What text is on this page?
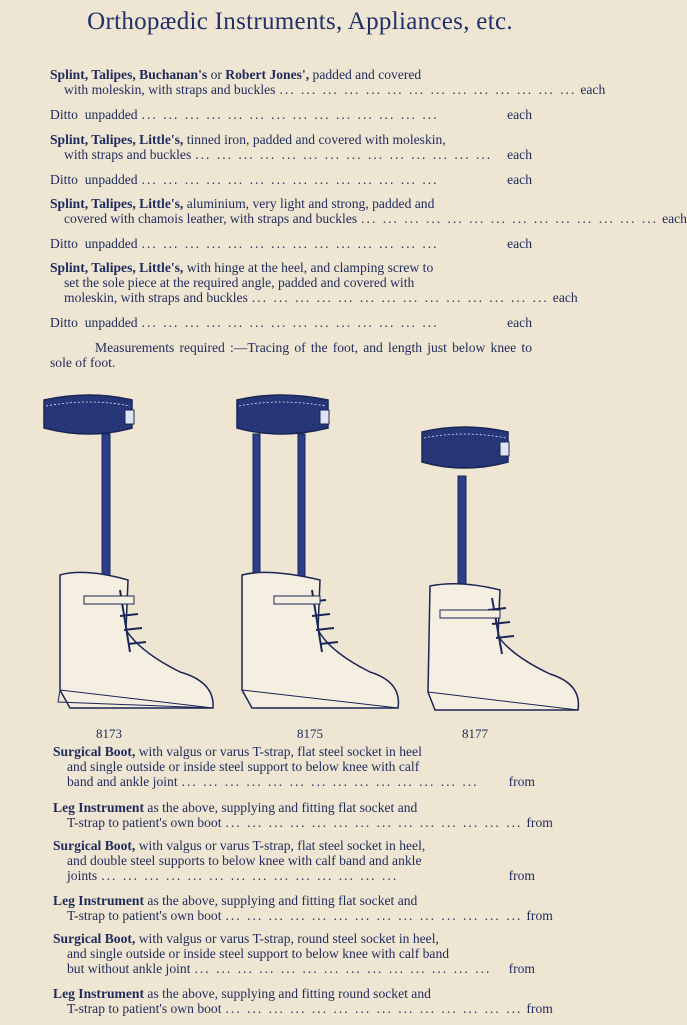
Orthopædic Instruments, Appliances, etc.
Splint, Talipes, Buchanan's or Robert Jones', padded and covered
with moleskin, with straps and buckles ... ... ... ... ... ... ... ... ... ... ... ... ... ... each
Ditto
unpadded ... ... ... ... ... ... ... ... ... ... ... ... ... ...	each
Splint, Talipes, Little's, tinned iron, padded and covered with moleskin,
with straps and buckles ... ... ... ... ... ... ... ... ... ... ... ... ... ...	each
Ditto
unpadded ... ... ... ... ... ... ... ... ... ... ... ... ... ...	each
Splint, Talipes, Little's, aluminium, very light and strong, padded and
covered with chamois leather, with straps and buckles ... ... ... ... ... ... ... ... ... ... ... ... ... ... each
Ditto
unpadded ... ... ... ... ... ... ... ... ... ... ... ... ... ...	each
Splint, Talipes, Little's, with hinge at the heel, and clamping screw to
set the sole piece at the required angle, padded and covered with
moleskin, with straps and buckles ... ... ... ... ... ... ... ... ... ... ... ... ... ... each
Ditto
unpadded ... ... ... ... ... ... ... ... ... ... ... ... ... ...	each
Measurements required :—Tracing of the foot, and length just below knee to sole of foot.
8173	8175	8177
Surgical Boot, with valgus or varus T-strap, flat steel socket in heel
and single outside or inside steel support to below knee with calf
band and ankle joint ... ... ... ... ... ... ... ... ... ... ... ... ... ...	from
Leg Instrument as the above, supplying and fitting flat socket and
T-strap to patient's own boot ... ... ... ... ... ... ... ... ... ... ... ... ... ... from
Surgical Boot, with valgus or varus T-strap, flat steel socket in heel,
and double steel supports to below knee with calf band and ankle
joints ... ... ... ... ... ... ... ... ... ... ... ... ... ...	from
Leg Instrument as the above, supplying and fitting flat socket and
T-strap to patient's own boot ... ... ... ... ... ... ... ... ... ... ... ... ... ... from
Surgical Boot, with valgus or varus T-strap, round steel socket in heel,
and single outside or inside steel support to below knee with calf band
but without ankle joint ... ... ... ... ... ... ... ... ... ... ... ... ... ...	from
Leg Instrument as the above, supplying and fitting round socket and
T-strap to patient's own boot ... ... ... ... ... ... ... ... ... ... ... ... ... ... from
